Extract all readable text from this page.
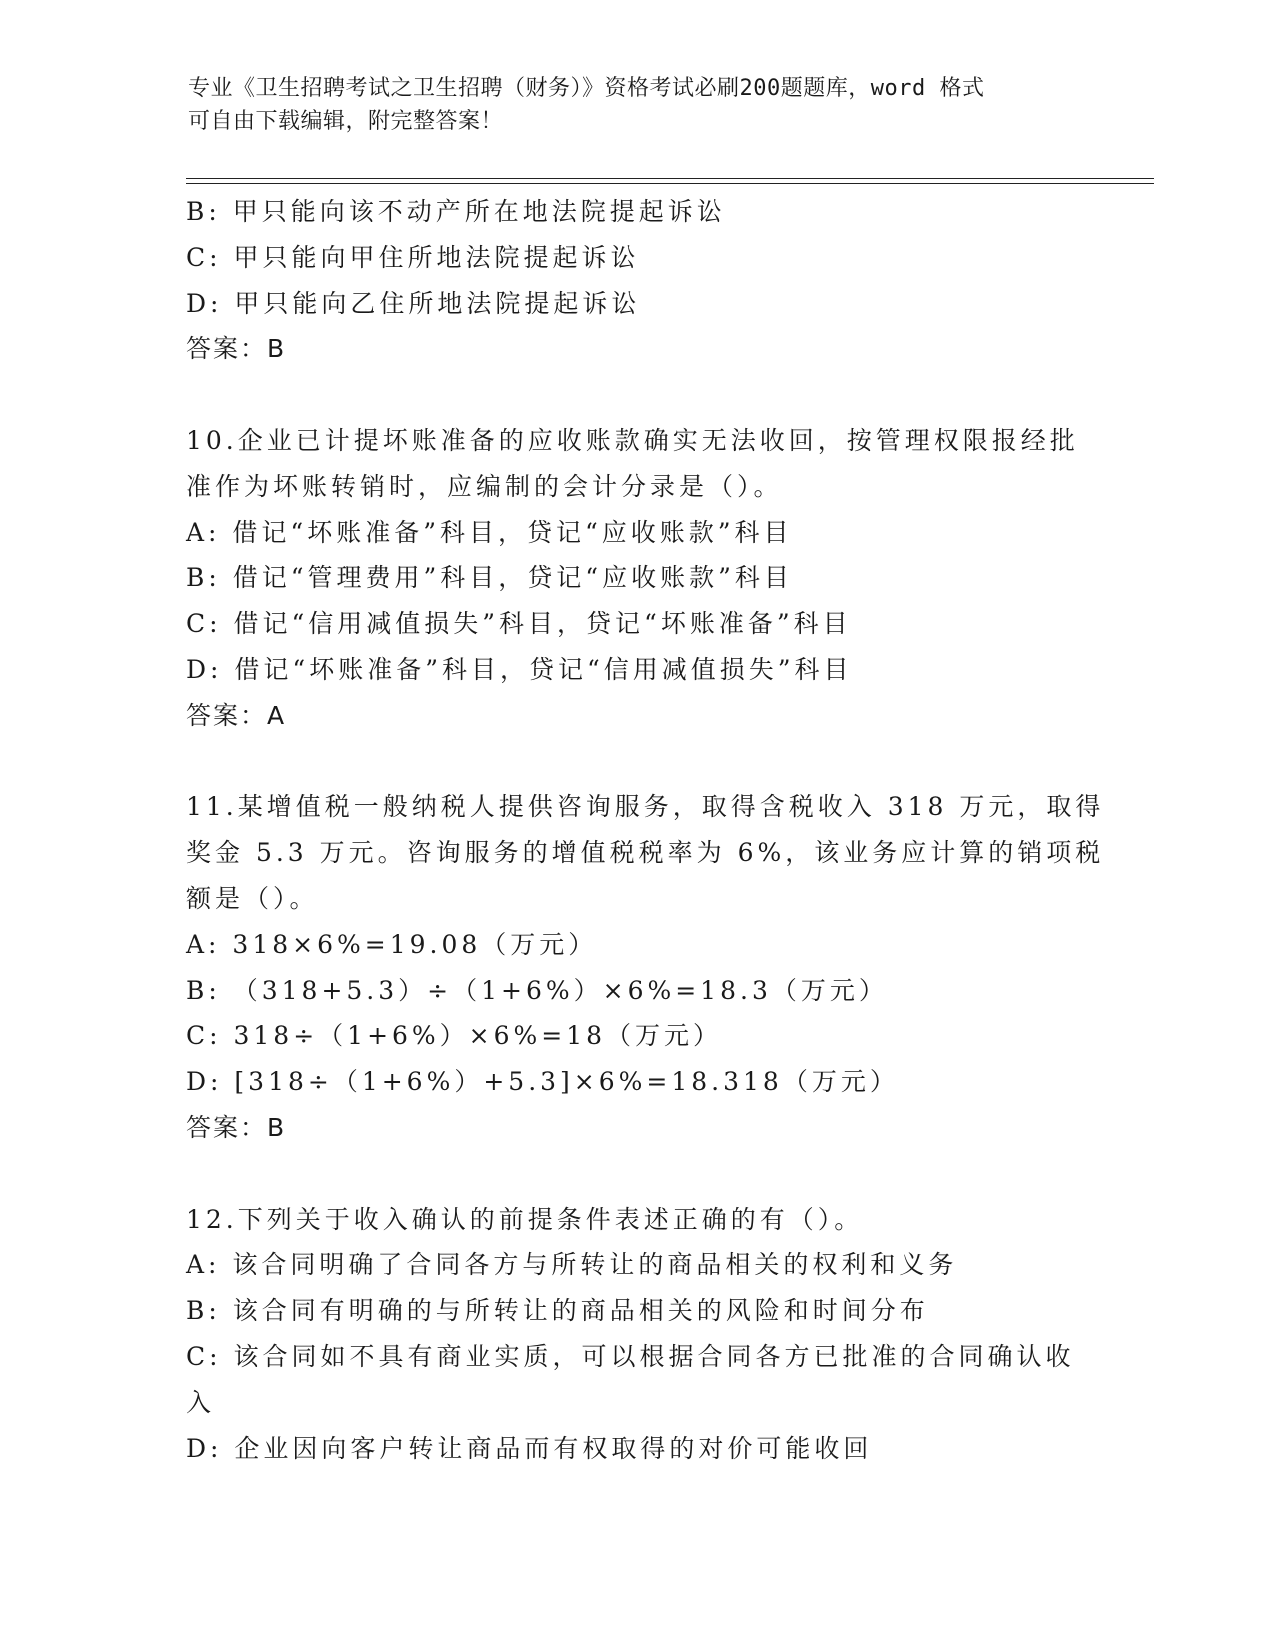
专业《卫生招聘考试之卫生招聘（财务）》资格考试必刷200题题库，word 格式
可自由下载编辑，附完整答案！
B: 甲只能向该不动产所在地法院提起诉讼
C: 甲只能向甲住所地法院提起诉讼
D: 甲只能向乙住所地法院提起诉讼
答案：B
10.企业已计提坏账准备的应收账款确实无法收回，按管理权限报经批
准作为坏账转销时，应编制的会计分录是（）。
A: 借记“坏账准备”科目，贷记“应收账款”科目
B: 借记“管理费用”科目，贷记“应收账款”科目
C: 借记“信用减值损失”科目，贷记“坏账准备”科目
D: 借记“坏账准备”科目，贷记“信用减值损失”科目
答案：A
11.某增值税一般纳税人提供咨询服务，取得含税收入 318 万元，取得
奖金 5.3 万元。咨询服务的增值税税率为 6%，该业务应计算的销项税
额是（）。
A: 318×6%=19.08（万元）
B: （318+5.3）÷（1+6%）×6%=18.3（万元）
C: 318÷（1+6%）×6%=18（万元）
D: [318÷（1+6%）+5.3]×6%=18.318（万元）
答案：B
12.下列关于收入确认的前提条件表述正确的有（）。
A: 该合同明确了合同各方与所转让的商品相关的权利和义务
B: 该合同有明确的与所转让的商品相关的风险和时间分布
C: 该合同如不具有商业实质，可以根据合同各方已批准的合同确认收
入
D: 企业因向客户转让商品而有权取得的对价可能收回
